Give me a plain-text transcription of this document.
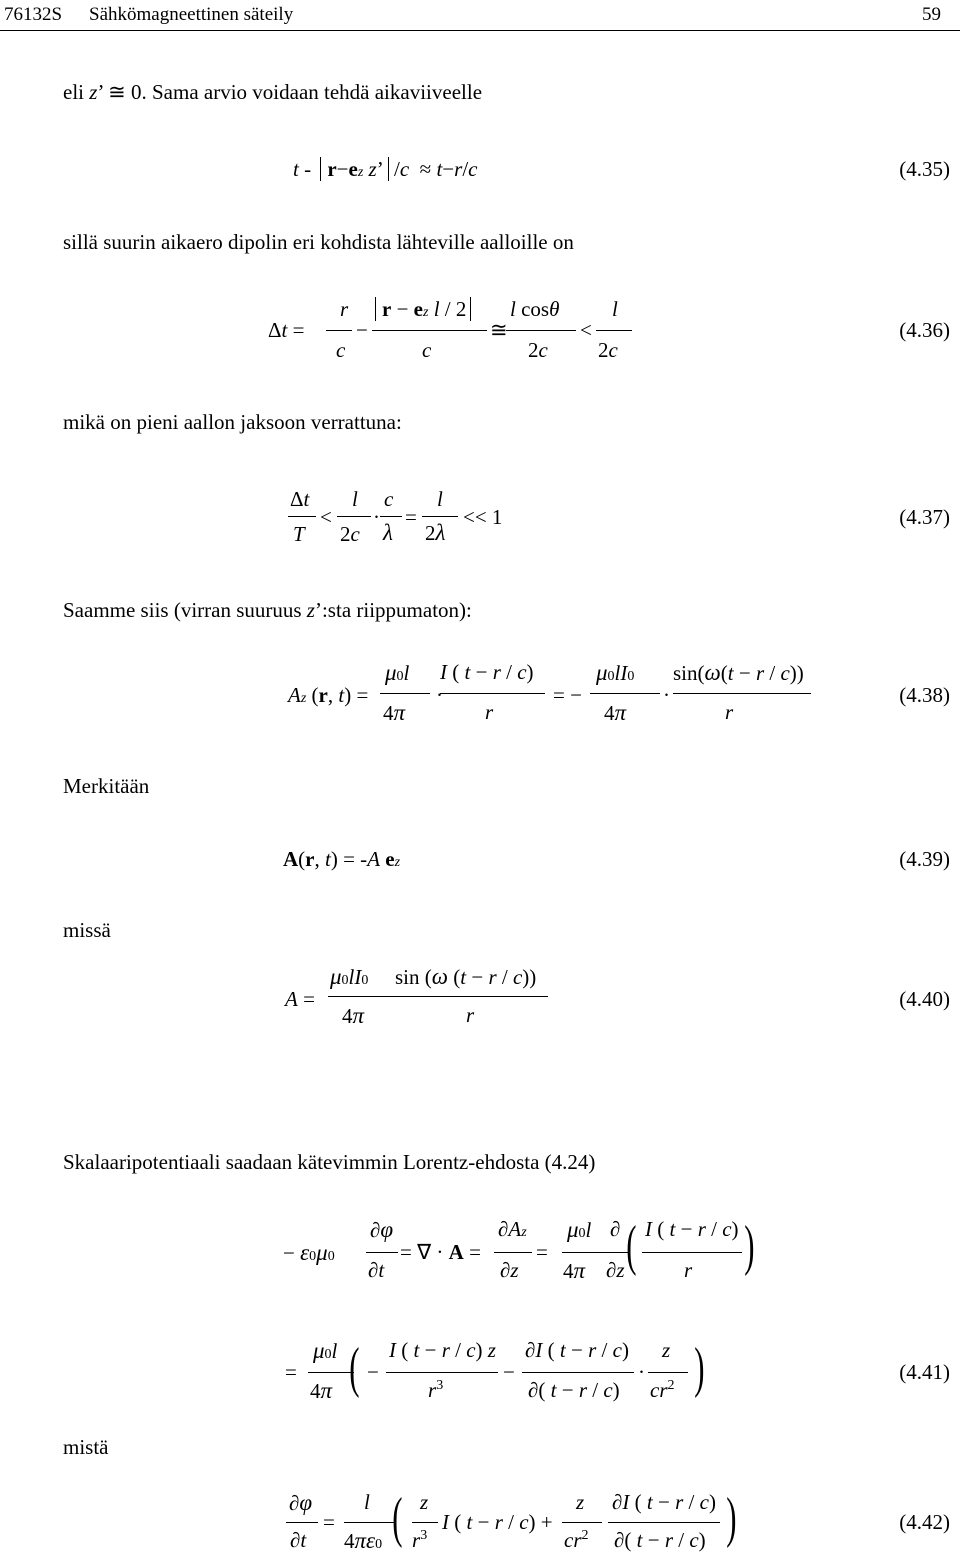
76132S Sähkömagneettinen säteily	59
eli z’ ≅ 0. Sama arvio voidaan tehdä aikaviiveelle
t - r−ez z’ /c  ≈ t−r/c	(4.35)
sillä suurin aikaero dipolin eri kohdista lähteville aalloille on
Δt =
r
c
−
r − ez l / 2
c
≅
l cosθ
2c
<
l
2c
(4.36)
mikä on pieni aallon jaksoon verrattuna:
Δt
T
<
l
2c
·
c
λ
=
l
2λ
<< 1	(4.37)
Saamme siis (virran suuruus z’:sta riippumaton):
Az (r, t) =
μ0l
4π
·
I ( t − r / c)
r
= −
μ0lI0
4π
·
sin(ω(t − r / c))
r
(4.38)
Merkitään
A(r, t) = -A ez	(4.39)
missä
A =
μ0lI0
4π
sin (ω (t − r / c))
r
(4.40)
Skalaaripotentiaali saadaan kätevimmin Lorentz-ehdosta (4.24)
− ε0μ0
∂φ
∂t
= ∇ · A =
∂Az
∂z
=
μ0l
4π
∂
∂z ( I ( t − r / c)
r )
=
μ0l
4π ( −
I ( t − r / c) z
$r^3$
−
∂I ( t − r / c)
∂( t − r / c)
·
z
$cr^2$ )	(4.41)
mistä
∂φ
∂t
=
l
4πε0 ( z
$r^3$
I ( t − r / c) +
z
$cr^2$
∂I ( t − r / c)
∂( t − r / c) )	(4.42)
